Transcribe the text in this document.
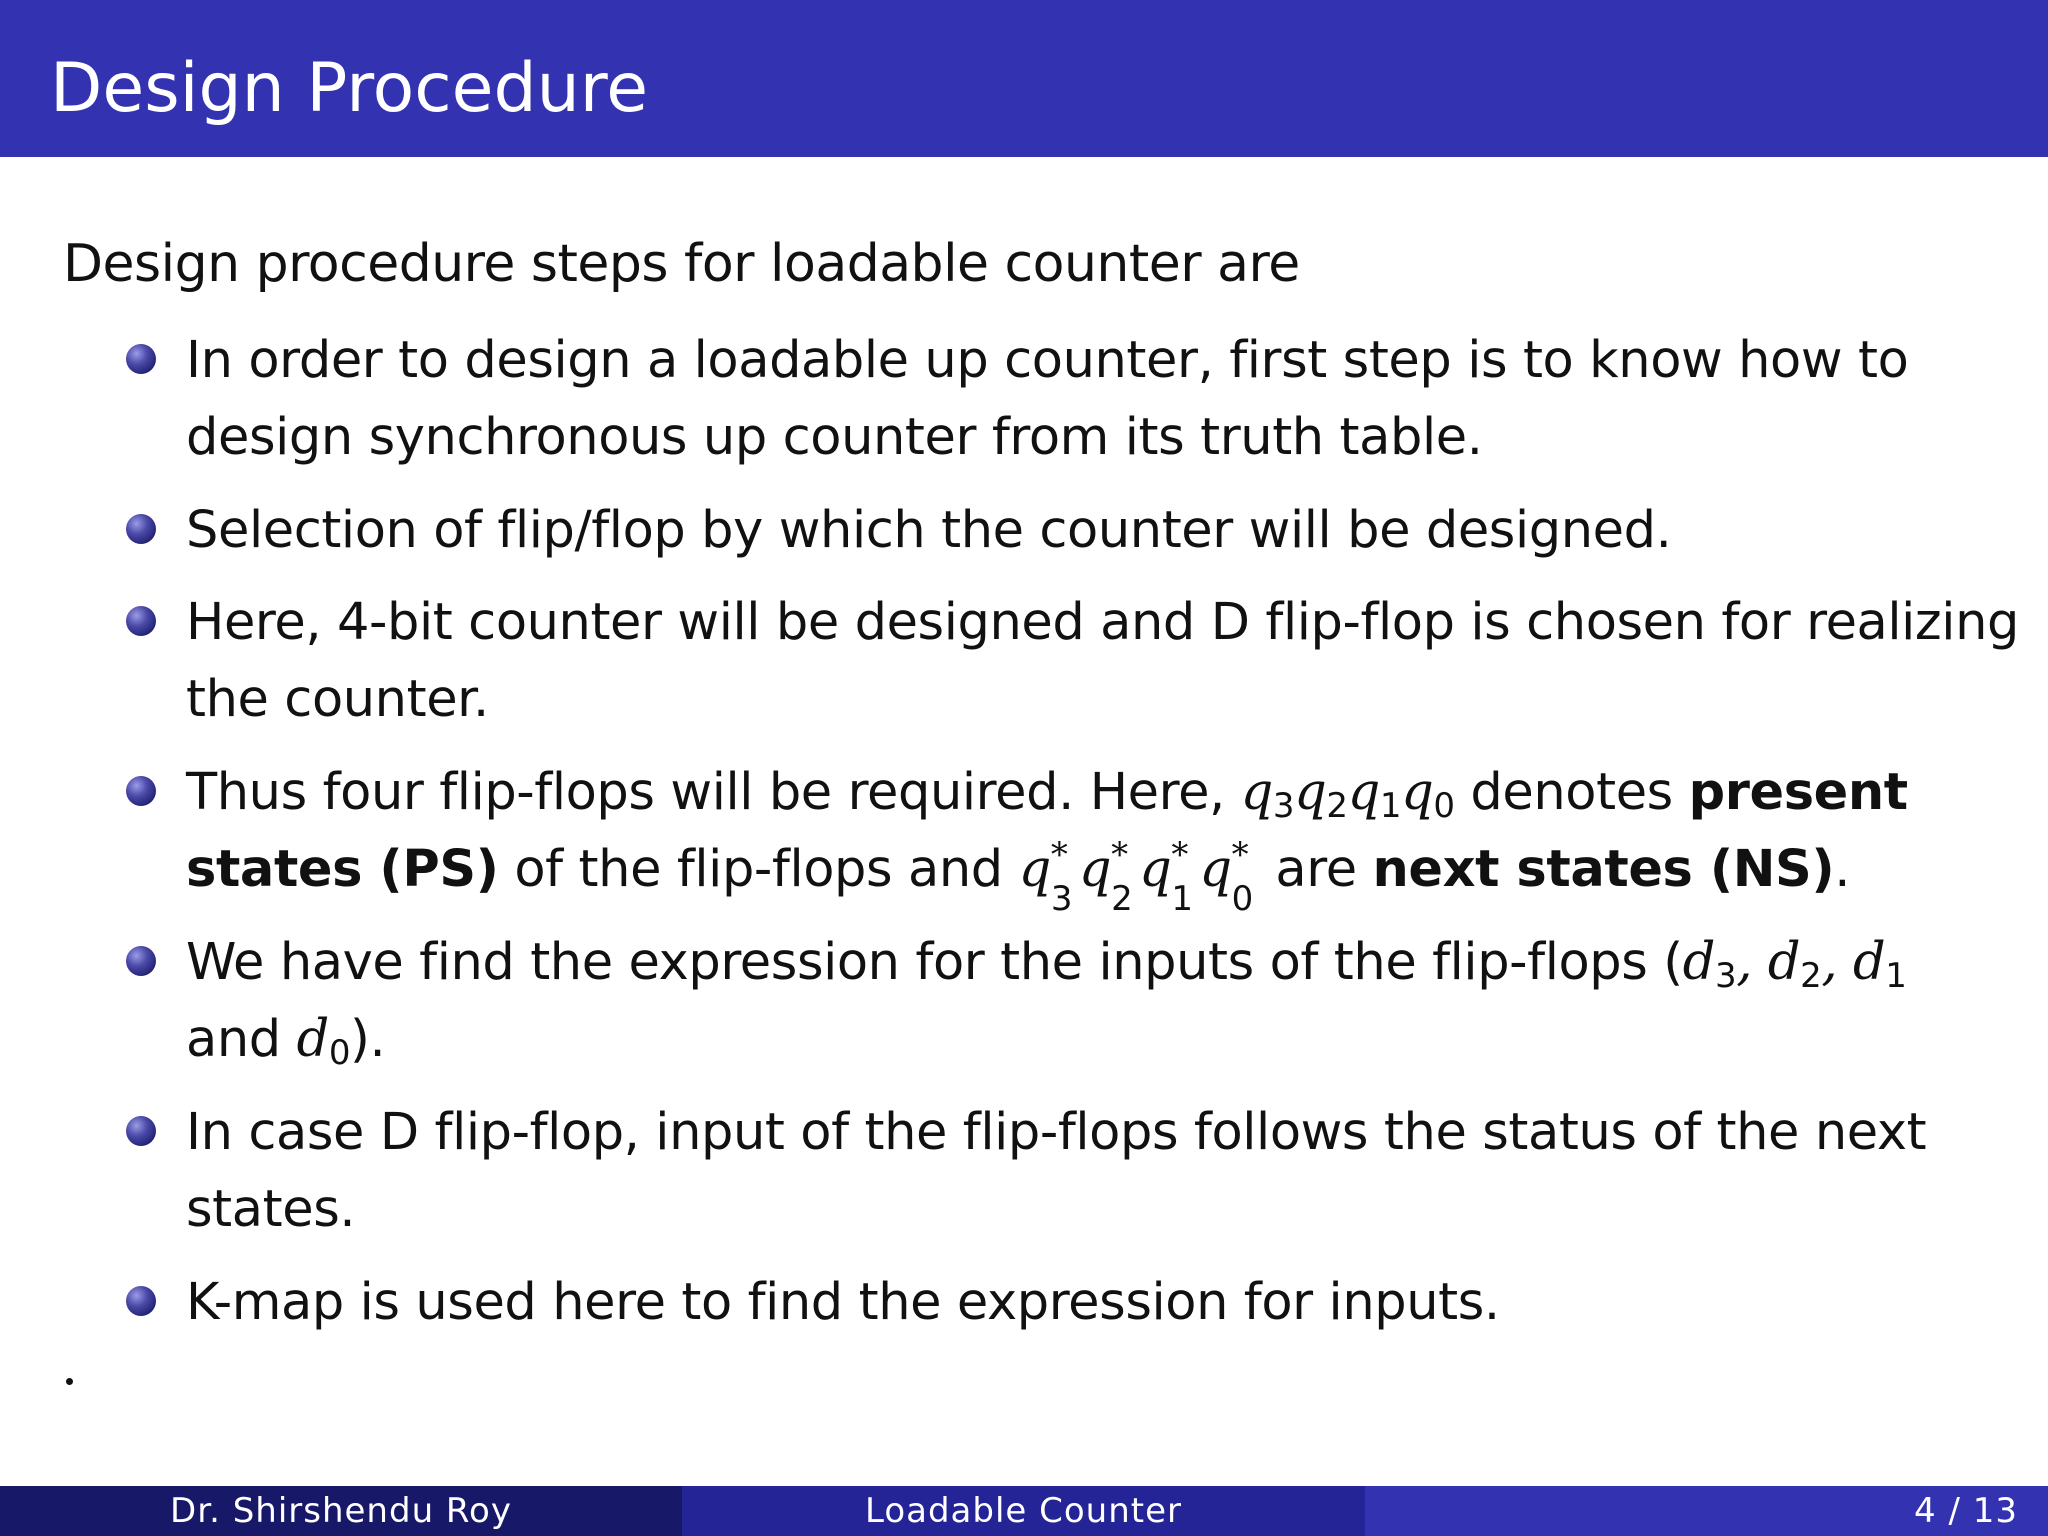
Design Procedure
Design procedure steps for loadable counter are
In order to design a loadable up counter, first step is to know how to
design synchronous up counter from its truth table.
Selection of flip/flop by which the counter will be designed.
Here, 4-bit counter will be designed and D flip-flop is chosen for realizing
the counter.
Thus four flip-flops will be required. Here, $q_3q_2q_1q_0$ denotes present
states (PS) of the flip-flops and q *
3 q *
2 q *
1 q *
0 are next states (NS).
We have find the expression for the inputs of the flip-flops ($d_3$, $d_2$, $d_1$
and $d_0$).
In case D flip-flop, input of the flip-flops follows the status of the next
states.
K-map is used here to find the expression for inputs.
Dr. Shirshendu Roy	Loadable Counter	4 / 13
